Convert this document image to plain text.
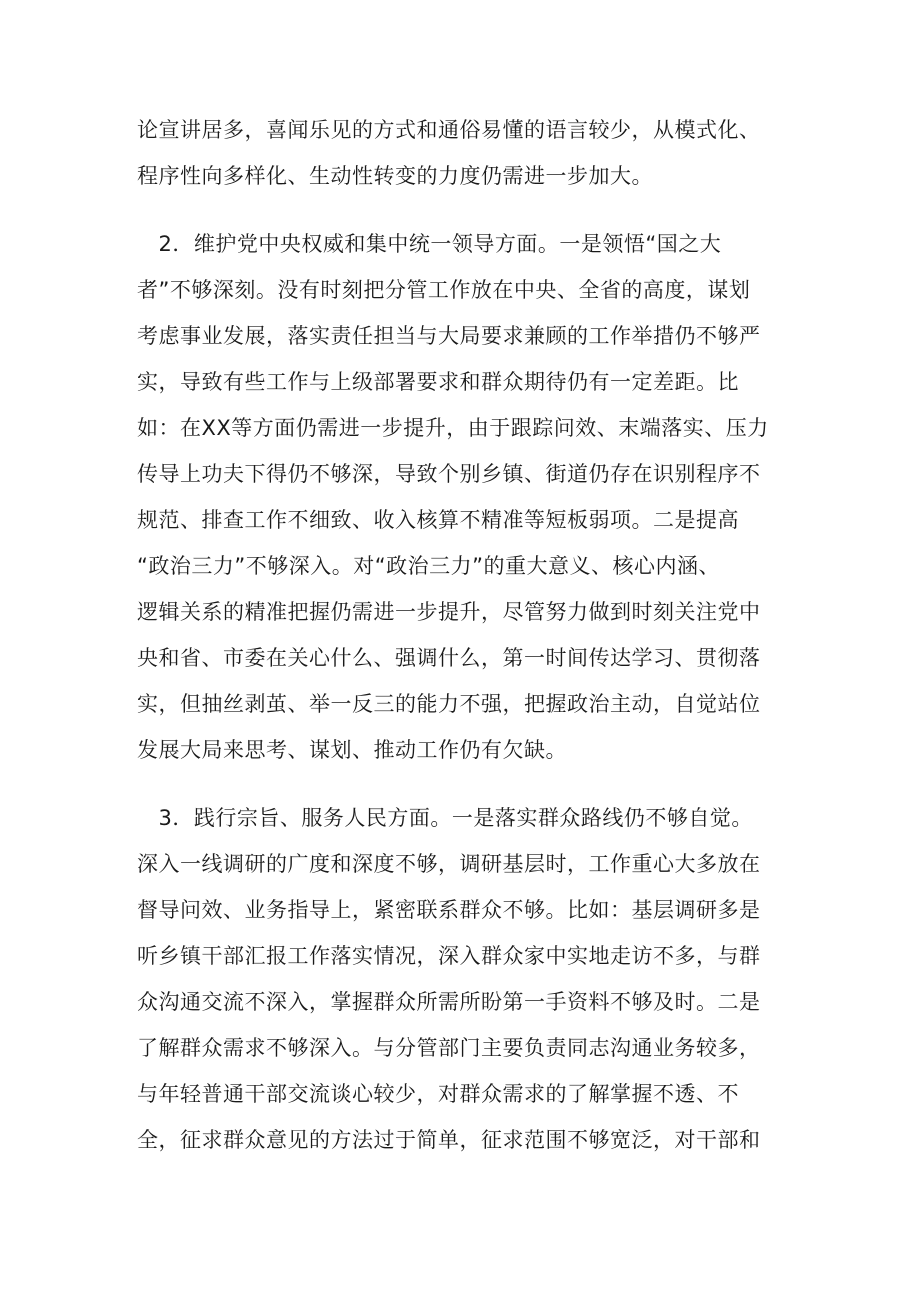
论宣讲居多，喜闻乐见的方式和通俗易懂的语言较少，从模式化、
程序性向多样化、生动性转变的力度仍需进一步加大。
　2．维护党中央权威和集中统一领导方面。一是领悟“国之大
者”不够深刻。没有时刻把分管工作放在中央、全省的高度，谋划
考虑事业发展，落实责任担当与大局要求兼顾的工作举措仍不够严
实，导致有些工作与上级部署要求和群众期待仍有一定差距。比
如：在XX等方面仍需进一步提升，由于跟踪问效、末端落实、压力
传导上功夫下得仍不够深，导致个别乡镇、街道仍存在识别程序不
规范、排查工作不细致、收入核算不精准等短板弱项。二是提高
“政治三力”不够深入。对“政治三力”的重大意义、核心内涵、
逻辑关系的精准把握仍需进一步提升，尽管努力做到时刻关注党中
央和省、市委在关心什么、强调什么，第一时间传达学习、贯彻落
实，但抽丝剥茧、举一反三的能力不强，把握政治主动，自觉站位
发展大局来思考、谋划、推动工作仍有欠缺。
　3．践行宗旨、服务人民方面。一是落实群众路线仍不够自觉。
深入一线调研的广度和深度不够，调研基层时，工作重心大多放在
督导问效、业务指导上，紧密联系群众不够。比如：基层调研多是
听乡镇干部汇报工作落实情况，深入群众家中实地走访不多，与群
众沟通交流不深入，掌握群众所需所盼第一手资料不够及时。二是
了解群众需求不够深入。与分管部门主要负责同志沟通业务较多，
与年轻普通干部交流谈心较少，对群众需求的了解掌握不透、不
全，征求群众意见的方法过于简单，征求范围不够宽泛，对干部和
